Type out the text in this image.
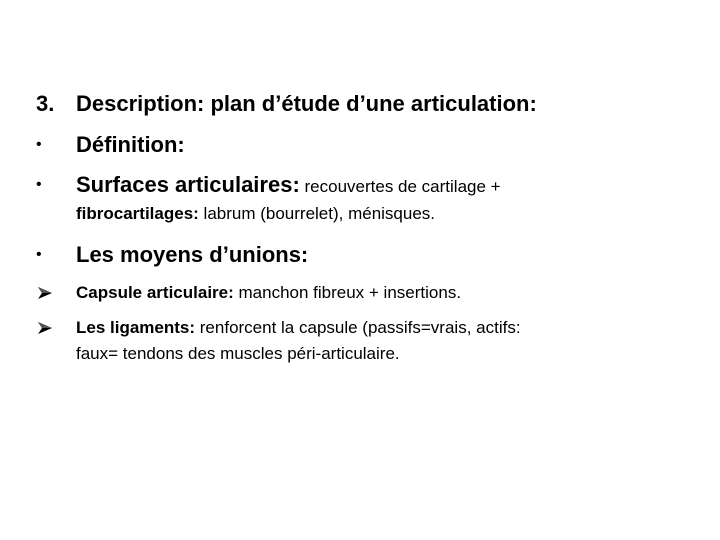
3. Description: plan d’étude d’une articulation:
• Définition:
• Surfaces articulaires: recouvertes de cartilage +
fibrocartilages: labrum (bourrelet), ménisques.
• Les moyens d’unions:
Capsule articulaire: manchon fibreux + insertions.
Les ligaments: renforcent la capsule (passifs=vrais, actifs:
faux= tendons des muscles péri-articulaire.
